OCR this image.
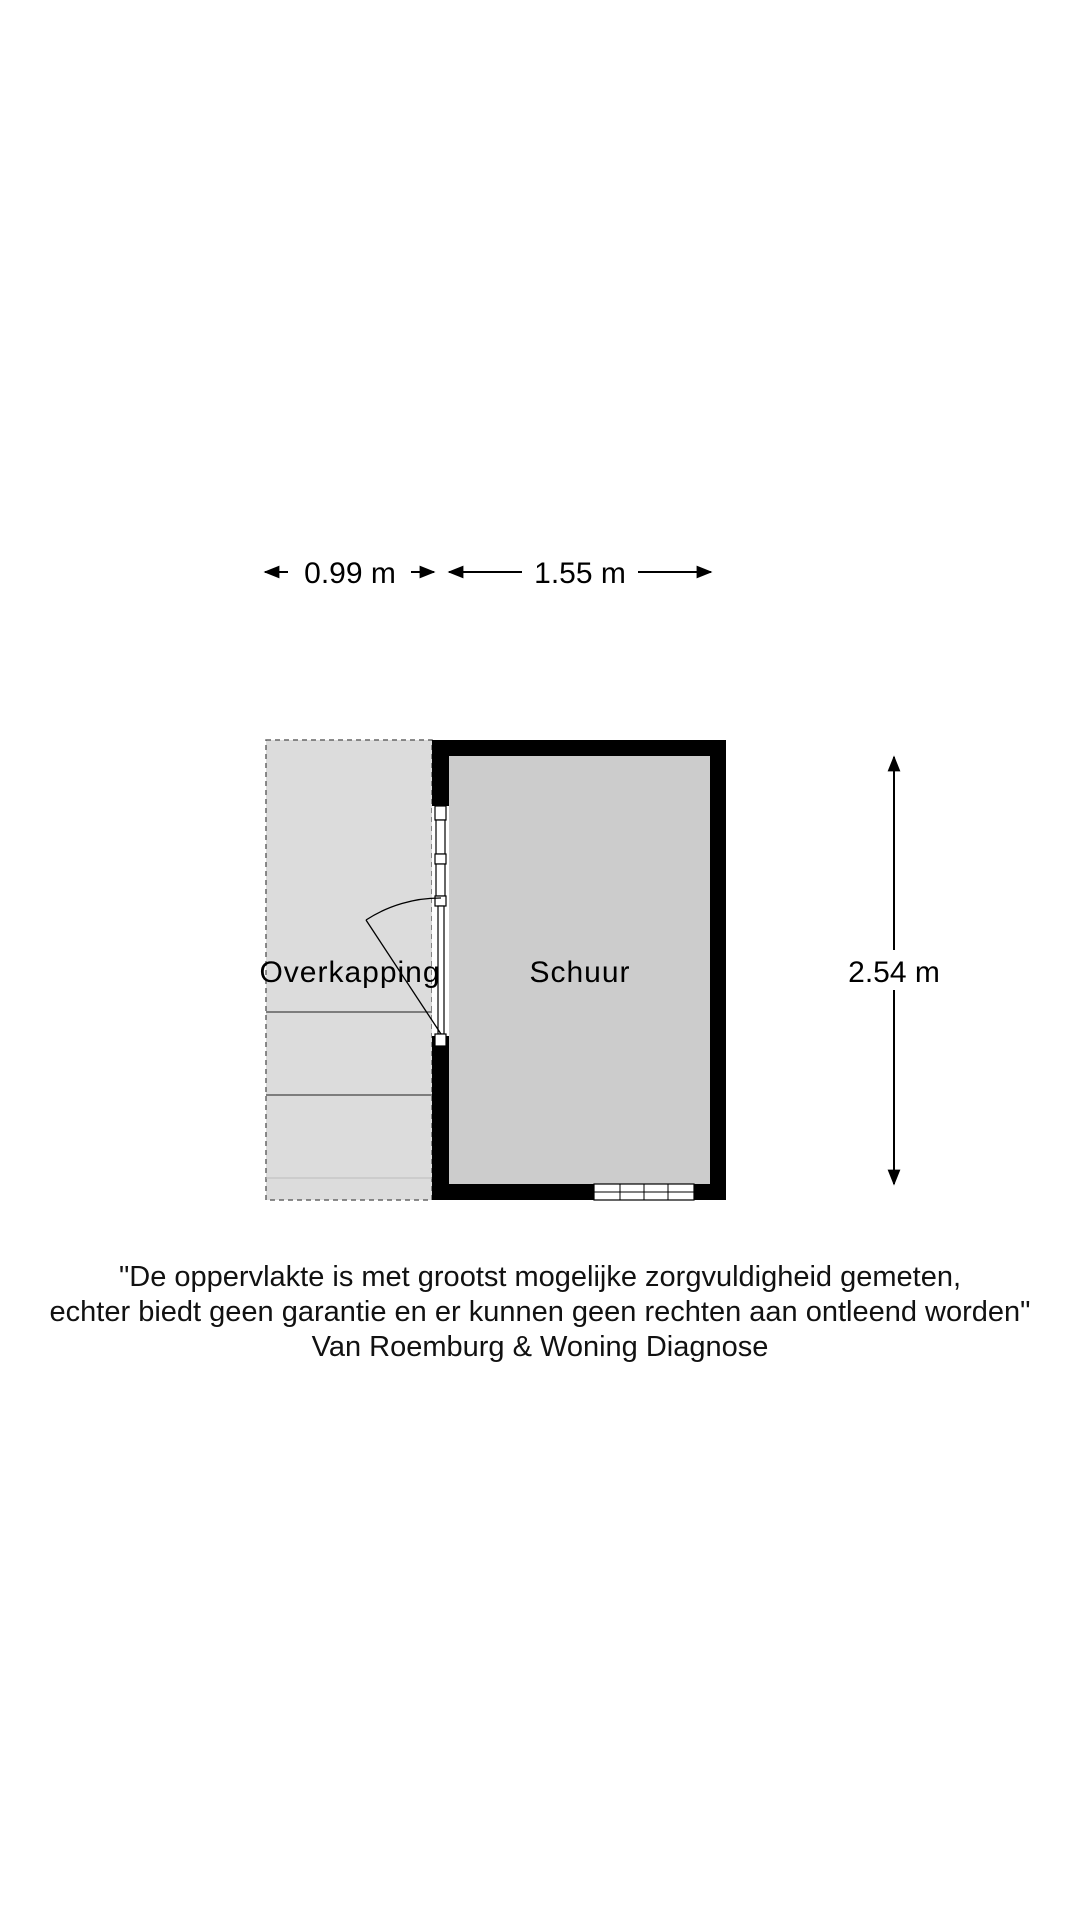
Overkapping	Schuur
0.99 m	1.55 m
2.54 m
"De oppervlakte is met grootst mogelijke zorgvuldigheid gemeten,
echter biedt geen garantie en er kunnen geen rechten aan ontleend worden"
Van Roemburg & Woning Diagnose
